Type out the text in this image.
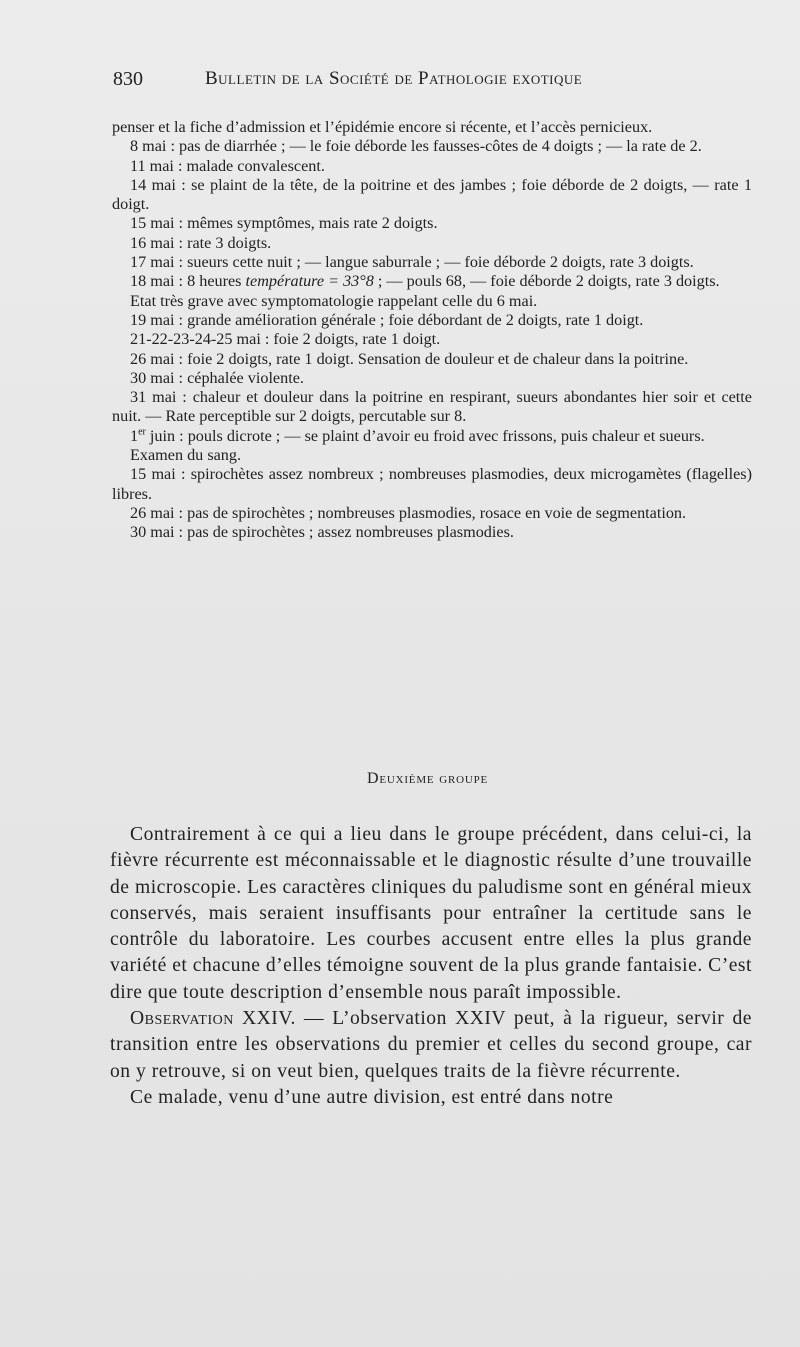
830	Bulletin de la Société de Pathologie exotique

penser et la fiche d’admission et l’épidémie encore si récente, et l’accès pernicieux.

8 mai : pas de diarrhée ; — le foie déborde les fausses-côtes de 4 doigts ; — la rate de 2.

11 mai : malade convalescent.

14 mai : se plaint de la tête, de la poitrine et des jambes ; foie déborde de 2 doigts, — rate 1 doigt.

15 mai : mêmes symptômes, mais rate 2 doigts.

16 mai : rate 3 doigts.

17 mai : sueurs cette nuit ; — langue saburrale ; — foie déborde 2 doigts, rate 3 doigts.

18 mai : 8 heures température = 33°8 ; — pouls 68, — foie déborde 2 doigts, rate 3 doigts.

Etat très grave avec symptomatologie rappelant celle du 6 mai.

19 mai : grande amélioration générale ; foie débordant de 2 doigts, rate 1 doigt.

21-22-23-24-25 mai : foie 2 doigts, rate 1 doigt.

26 mai : foie 2 doigts, rate 1 doigt. Sensation de douleur et de chaleur dans la poitrine.

30 mai : céphalée violente.

31 mai : chaleur et douleur dans la poitrine en respirant, sueurs abondantes hier soir et cette nuit. — Rate perceptible sur 2 doigts, percutable sur 8.

1er juin : pouls dicrote ; — se plaint d’avoir eu froid avec frissons, puis chaleur et sueurs.

Examen du sang.

15 mai : spirochètes assez nombreux ; nombreuses plasmodies, deux microgamètes (flagelles) libres.

26 mai : pas de spirochètes ; nombreuses plasmodies, rosace en voie de segmentation.

30 mai : pas de spirochètes ; assez nombreuses plasmodies.

Deuxième groupe

Contrairement à ce qui a lieu dans le groupe précédent, dans celui-ci, la fièvre récurrente est méconnaissable et le diagnostic résulte d’une trouvaille de microscopie. Les caractères cliniques du paludisme sont en général mieux conservés, mais seraient insuffisants pour entraîner la certitude sans le contrôle du laboratoire. Les courbes accusent entre elles la plus grande variété et chacune d’elles témoigne souvent de la plus grande fantaisie. C’est dire que toute description d’ensemble nous paraît impossible.

Observation XXIV. — L’observation XXIV peut, à la rigueur, servir de transition entre les observations du premier et celles du second groupe, car on y retrouve, si on veut bien, quelques traits de la fièvre récurrente.

Ce malade, venu d’une autre division, est entré dans notre
